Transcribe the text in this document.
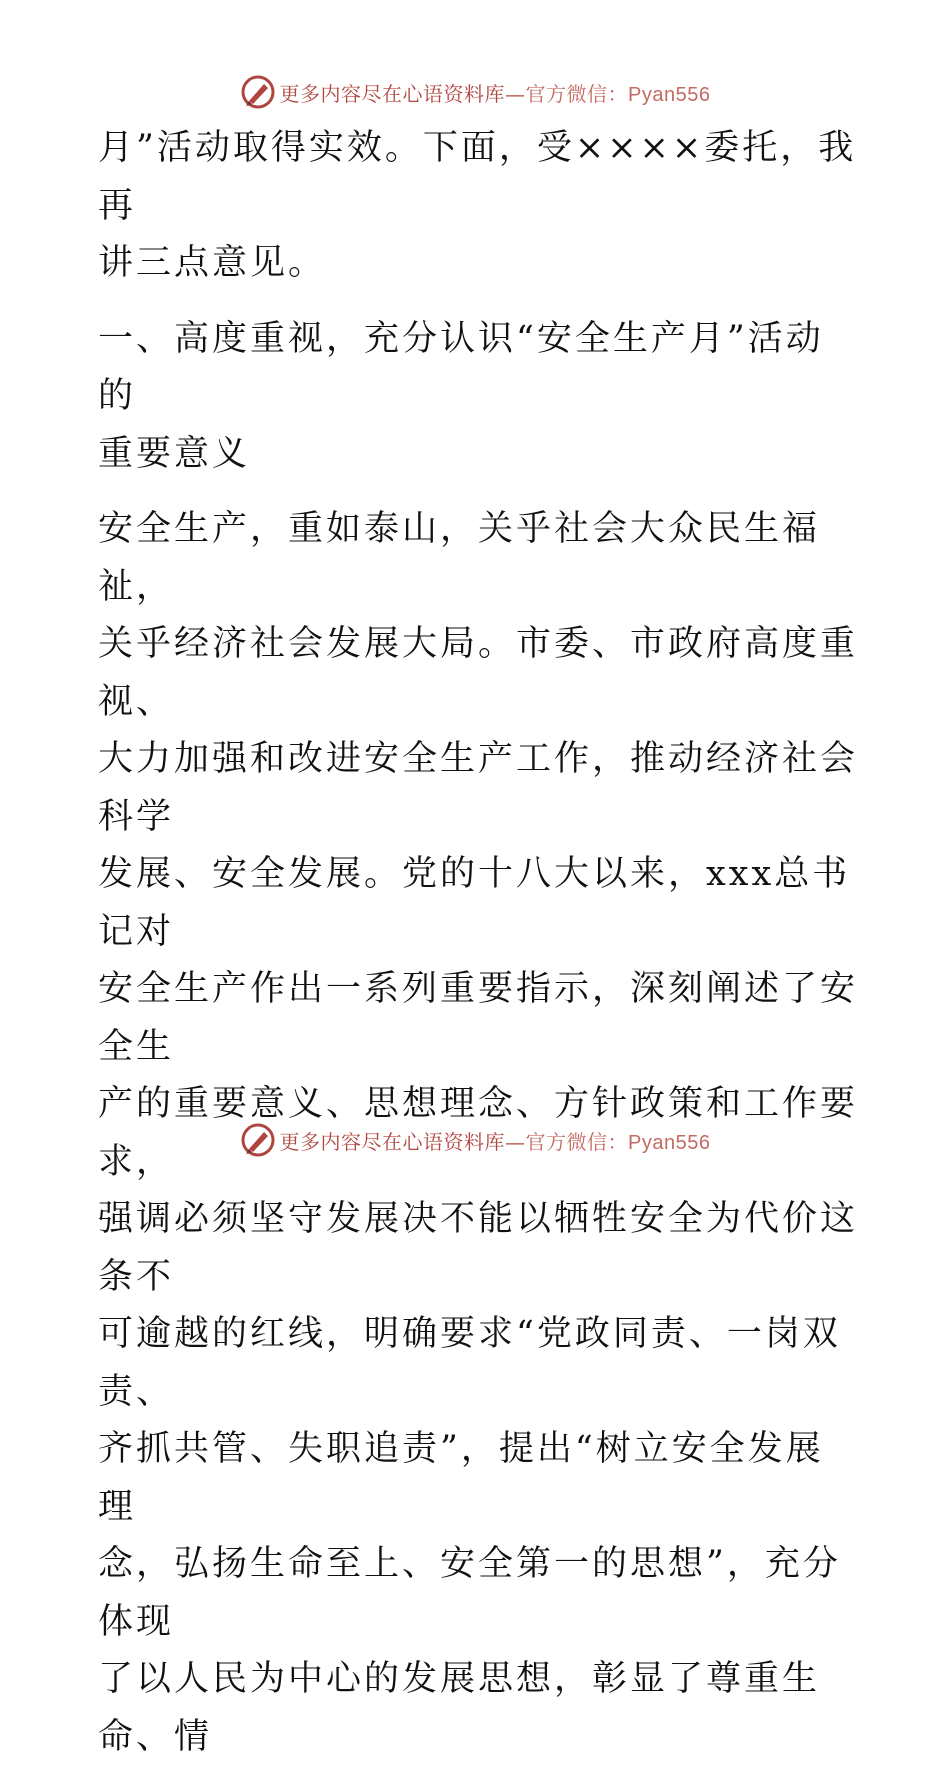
更多内容尽在心语资料库—官方微信：Pyan556

月”活动取得实效。下面，受××××委托，我再

讲三点意见。

一、高度重视，充分认识“安全生产月”活动的

重要意义

安全生产，重如泰山，关乎社会大众民生福祉，

关乎经济社会发展大局。市委、市政府高度重视、

大力加强和改进安全生产工作，推动经济社会科学

发展、安全发展。党的十八大以来，xxx总书记对

安全生产作出一系列重要指示，深刻阐述了安全生

产的重要意义、思想理念、方针政策和工作要求，

强调必须坚守发展决不能以牺牲安全为代价这条不

可逾越的红线，明确要求“党政同责、一岗双责、

齐抓共管、失职追责”，提出“树立安全发展理

念，弘扬生命至上、安全第一的思想”，充分体现

了以人民为中心的发展思想，彰显了尊重生命、情

更多内容尽在心语资料库—官方微信：Pyan556
